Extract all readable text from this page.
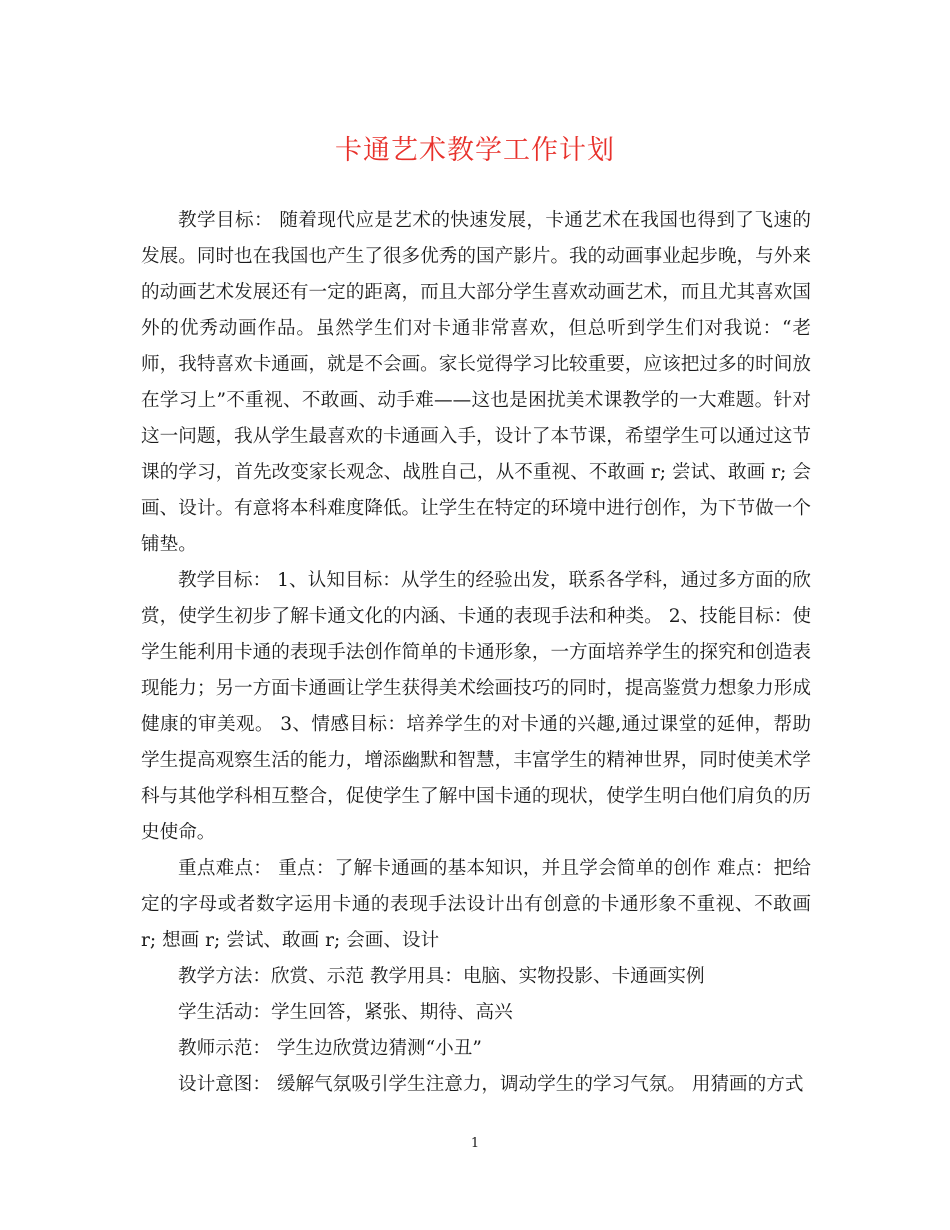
卡通艺术教学工作计划

教学目标： 随着现代应是艺术的快速发展，卡通艺术在我国也得到了飞速的发展。同时也在我国也产生了很多优秀的国产影片。我的动画事业起步晚，与外来的动画艺术发展还有一定的距离，而且大部分学生喜欢动画艺术，而且尤其喜欢国外的优秀动画作品。虽然学生们对卡通非常喜欢，但总听到学生们对我说：“老师，我特喜欢卡通画，就是不会画。家长觉得学习比较重要，应该把过多的时间放在学习上”不重视、不敢画、动手难——这也是困扰美术课教学的一大难题。针对这一问题，我从学生最喜欢的卡通画入手，设计了本节课，希望学生可以通过这节课的学习，首先改变家长观念、战胜自己，从不重视、不敢画 r; 尝试、敢画 r; 会画、设计。有意将本科难度降低。让学生在特定的环境中进行创作，为下节做一个铺垫。

教学目标： 1、认知目标：从学生的经验出发，联系各学科，通过多方面的欣赏，使学生初步了解卡通文化的内涵、卡通的表现手法和种类。 2、技能目标：使学生能利用卡通的表现手法创作简单的卡通形象，一方面培养学生的探究和创造表现能力；另一方面卡通画让学生获得美术绘画技巧的同时，提高鉴赏力想象力形成健康的审美观。 3、情感目标：培养学生的对卡通的兴趣,通过课堂的延伸，帮助学生提高观察生活的能力，增添幽默和智慧，丰富学生的精神世界，同时使美术学科与其他学科相互整合，促使学生了解中国卡通的现状，使学生明白他们肩负的历史使命。

重点难点： 重点：了解卡通画的基本知识，并且学会简单的创作 难点：把给定的字母或者数字运用卡通的表现手法设计出有创意的卡通形象不重视、不敢画 r; 想画 r; 尝试、敢画 r; 会画、设计

教学方法：欣赏、示范 教学用具：电脑、实物投影、卡通画实例

学生活动：学生回答，紧张、期待、高兴

教师示范： 学生边欣赏边猜测“小丑”

设计意图： 缓解气氛吸引学生注意力，调动学生的学习气氛。 用猜画的方式

1
